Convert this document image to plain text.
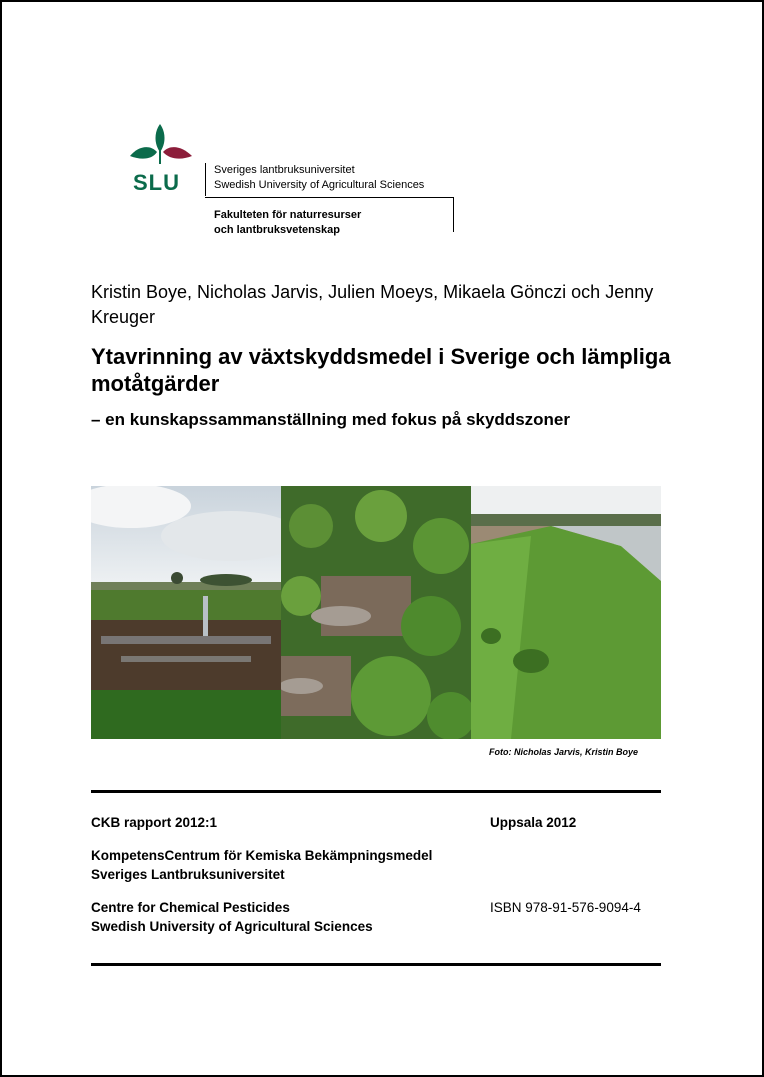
SLU	Sveriges lantbruksuniversitet
Swedish University of Agricultural Sciences
Fakulteten för naturresurser
och lantbruksvetenskap
Kristin Boye, Nicholas Jarvis, Julien Moeys, Mikaela Gönczi och Jenny Kreuger
Ytavrinning av växtskyddsmedel i Sverige och lämpliga motåtgärder
– en kunskapssammanställning med fokus på skyddszoner
Foto: Nicholas Jarvis, Kristin Boye
CKB rapport 2012:1	Uppsala 2012
KompetensCentrum för Kemiska Bekämpningsmedel
Sveriges Lantbruksuniversitet
Centre for Chemical Pesticides
Swedish University of Agricultural Sciences
ISBN 978-91-576-9094-4
